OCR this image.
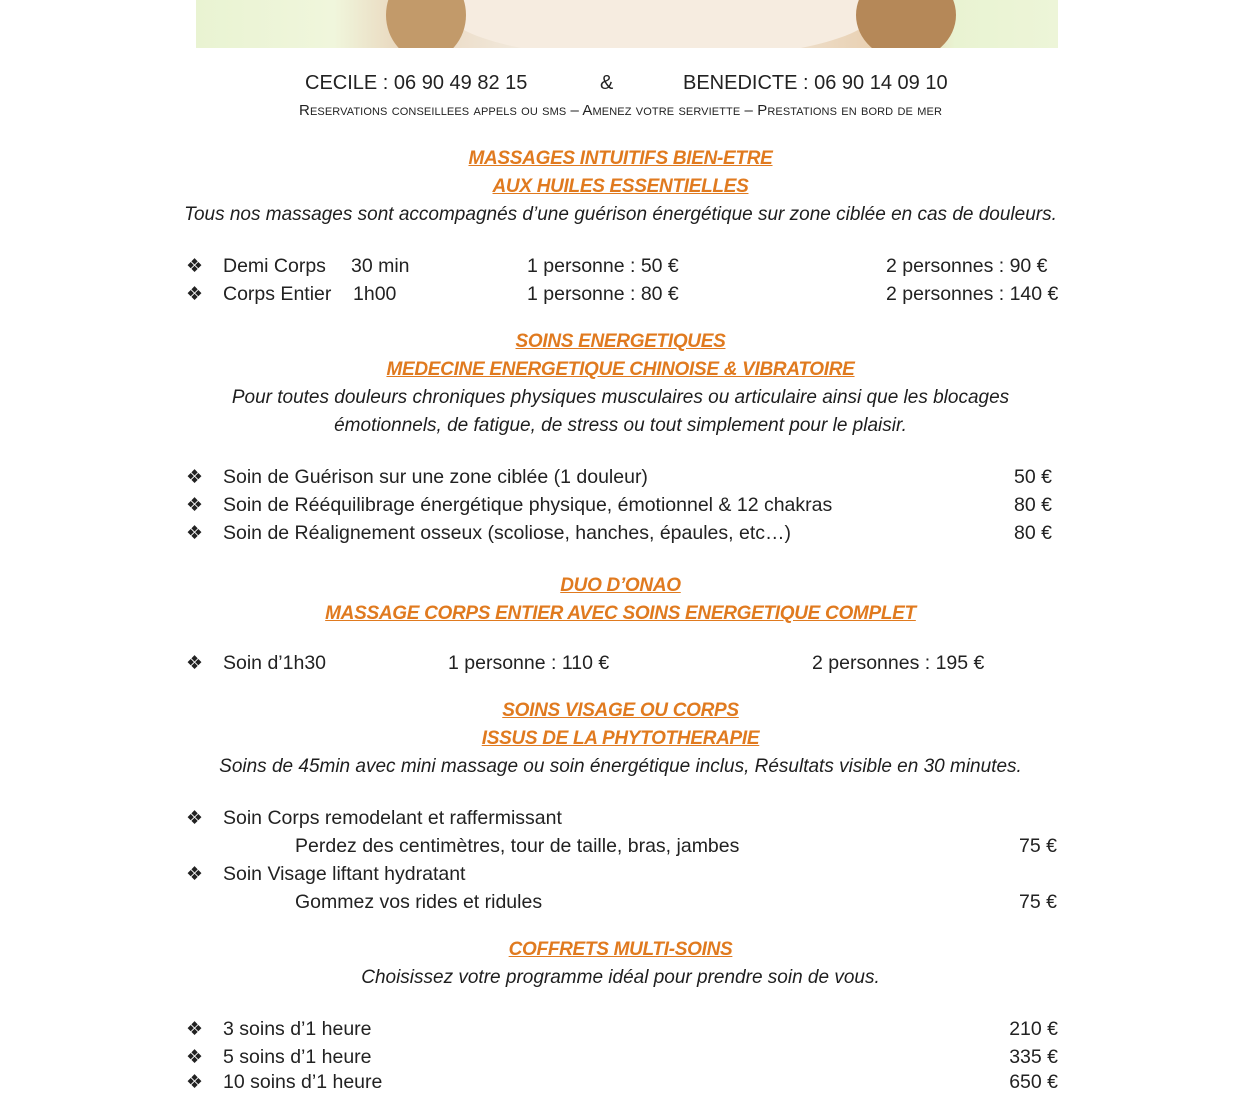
CECILE : 06 90 49 82 15	&	BENEDICTE : 06 90 14 09 10
Reservations conseillees appels ou sms – Amenez votre serviette – Prestations en bord de mer
MASSAGES INTUITIFS BIEN-ETRE
AUX HUILES ESSENTIELLES
Tous nos massages sont accompagnés d’une guérison énergétique sur zone ciblée en cas de douleurs.
❖ Demi Corps 30 min	1 personne : 50 €	2 personnes : 90 €
❖ Corps Entier 1h00	1 personne : 80 €	2 personnes : 140 €
SOINS ENERGETIQUES
MEDECINE ENERGETIQUE CHINOISE & VIBRATOIRE
Pour toutes douleurs chroniques physiques musculaires ou articulaire ainsi que les blocages
émotionnels, de fatigue, de stress ou tout simplement pour le plaisir.
❖ Soin de Guérison sur une zone ciblée (1 douleur)	50 €
❖ Soin de Rééquilibrage énergétique physique, émotionnel & 12 chakras	80 €
❖ Soin de Réalignement osseux (scoliose, hanches, épaules, etc…)	80 €
DUO D’ONAO
MASSAGE CORPS ENTIER AVEC SOINS ENERGETIQUE COMPLET
❖ Soin d’1h30	1 personne : 110 €	2 personnes : 195 €
SOINS VISAGE OU CORPS
ISSUS DE LA PHYTOTHERAPIE
Soins de 45min avec mini massage ou soin énergétique inclus, Résultats visible en 30 minutes.
❖ Soin Corps remodelant et raffermissant
Perdez des centimètres, tour de taille, bras, jambes	75 €
❖ Soin Visage liftant hydratant
Gommez vos rides et ridules	75 €
COFFRETS MULTI-SOINS
Choisissez votre programme idéal pour prendre soin de vous.
❖ 3 soins d’1 heure	210 €
❖ 5 soins d’1 heure	335 €
❖ 10 soins d’1 heure	650 €
